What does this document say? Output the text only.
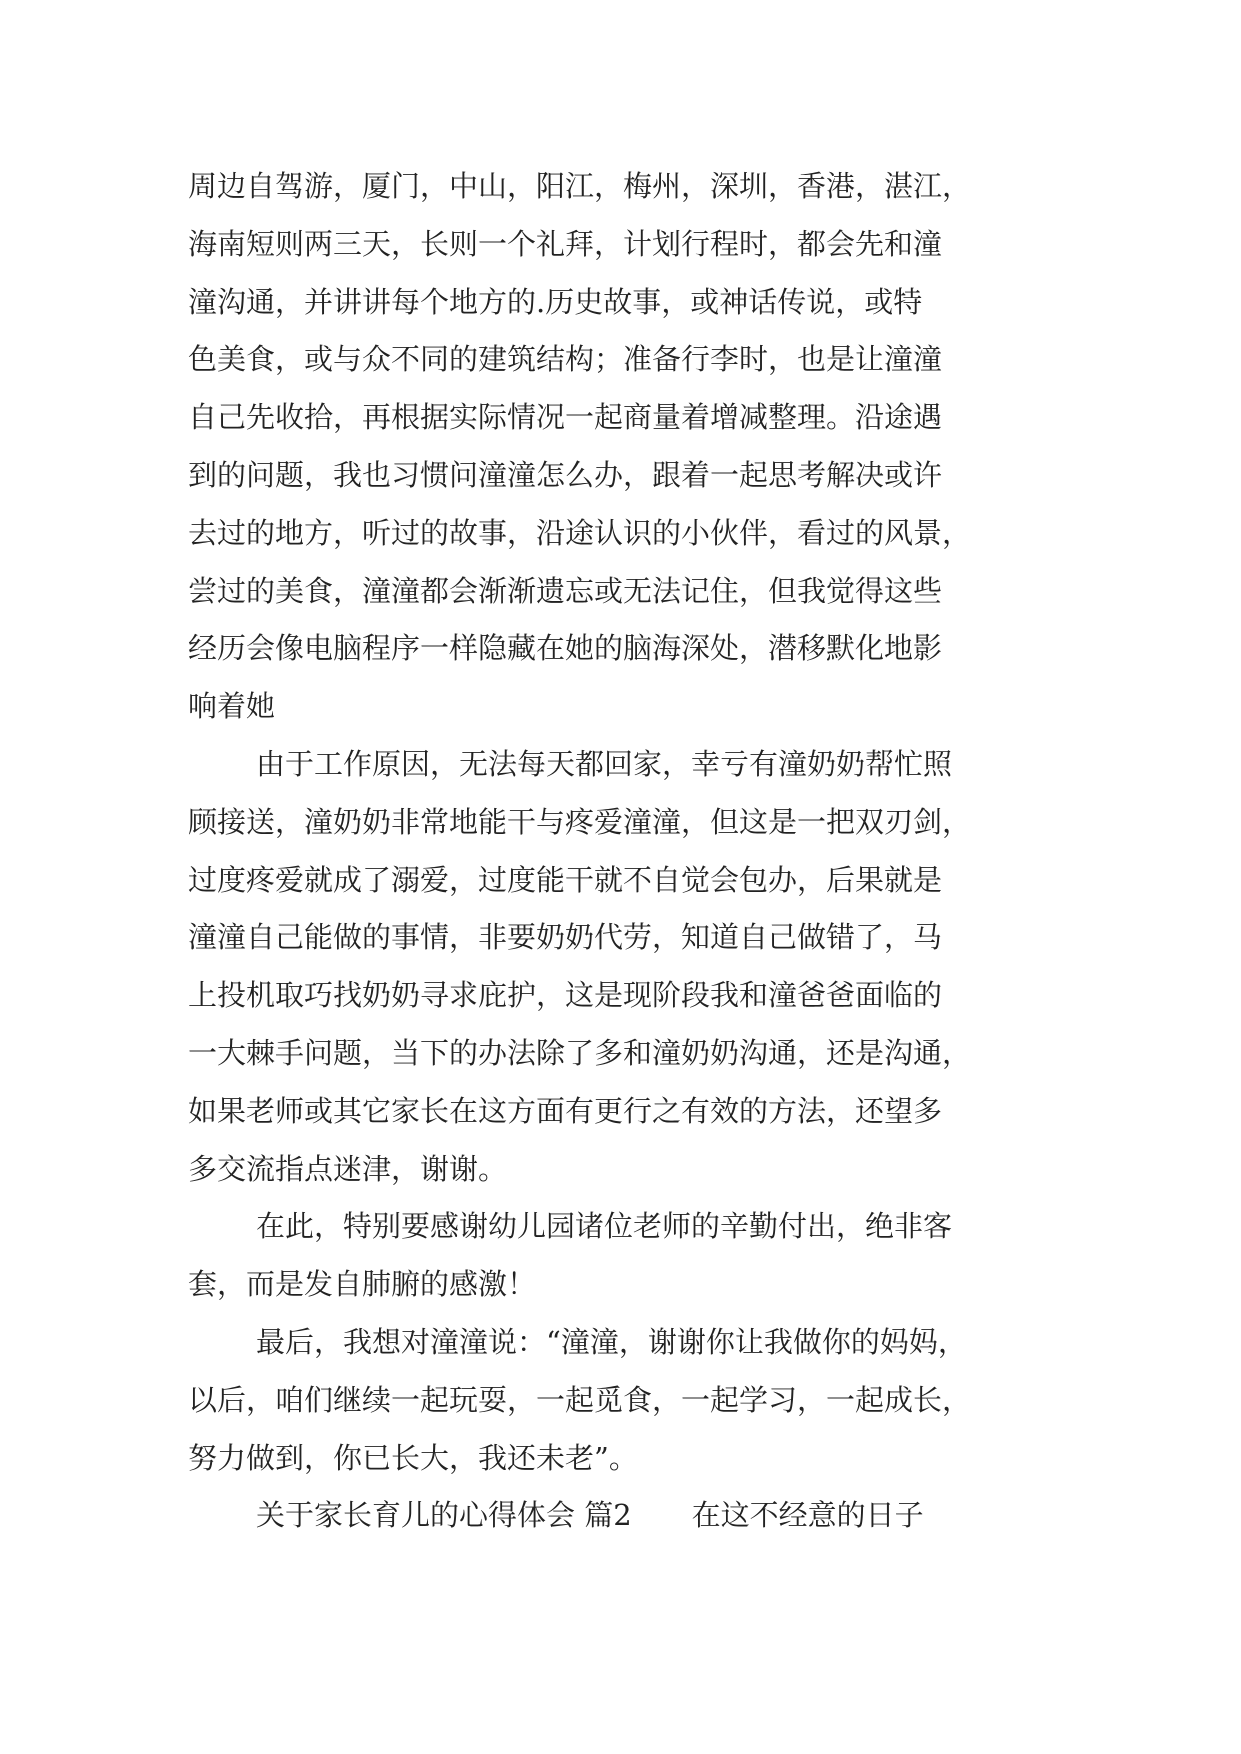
周边自驾游，厦门，中山，阳江，梅州，深圳，香港，湛江，
海南短则两三天，长则一个礼拜，计划行程时，都会先和潼
潼沟通，并讲讲每个地方的.历史故事，或神话传说，或特
色美食，或与众不同的建筑结构；准备行李时，也是让潼潼
自己先收拾，再根据实际情况一起商量着增减整理。沿途遇
到的问题，我也习惯问潼潼怎么办，跟着一起思考解决或许
去过的地方，听过的故事，沿途认识的小伙伴，看过的风景，
尝过的美食，潼潼都会渐渐遗忘或无法记住，但我觉得这些
经历会像电脑程序一样隐藏在她的脑海深处，潜移默化地影
响着她
由于工作原因，无法每天都回家，幸亏有潼奶奶帮忙照
顾接送，潼奶奶非常地能干与疼爱潼潼，但这是一把双刃剑，
过度疼爱就成了溺爱，过度能干就不自觉会包办，后果就是
潼潼自己能做的事情，非要奶奶代劳，知道自己做错了，马
上投机取巧找奶奶寻求庇护，这是现阶段我和潼爸爸面临的
一大棘手问题，当下的办法除了多和潼奶奶沟通，还是沟通，
如果老师或其它家长在这方面有更行之有效的方法，还望多
多交流指点迷津，谢谢。
在此，特别要感谢幼儿园诸位老师的辛勤付出，绝非客
套，而是发自肺腑的感激！
最后，我想对潼潼说：“潼潼，谢谢你让我做你的妈妈，
以后，咱们继续一起玩耍，一起觅食，一起学习，一起成长，
努力做到，你已长大，我还未老”。
关于家长育儿的心得体会 篇2 在这不经意的日子
